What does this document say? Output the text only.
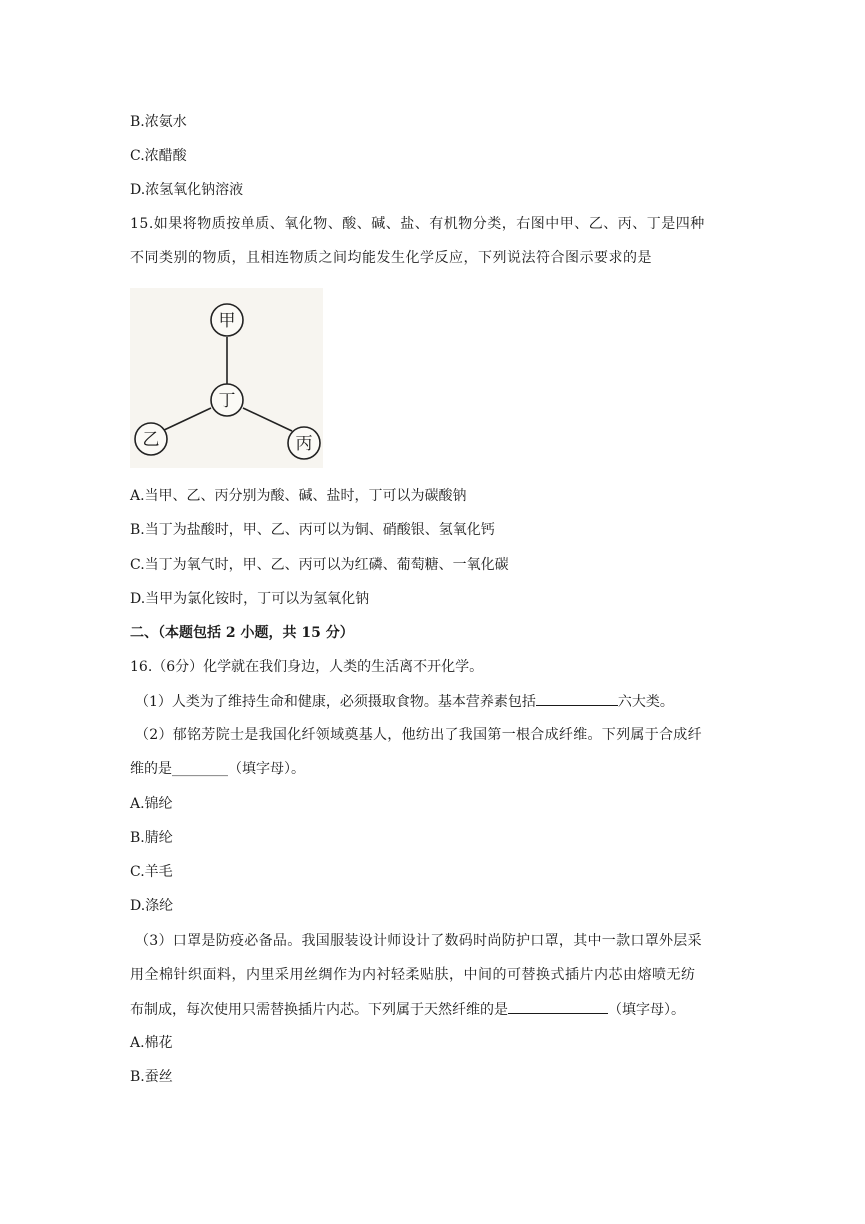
B.浓氨水
C.浓醋酸
D.浓氢氧化钠溶液
15.如果将物质按单质、氧化物、酸、碱、盐、有机物分类，右图中甲、乙、丙、丁是四种
不同类别的物质，且相连物质之间均能发生化学反应，下列说法符合图示要求的是
甲
丁
乙	丙
A.当甲、乙、丙分别为酸、碱、盐时，丁可以为碳酸钠
B.当丁为盐酸时，甲、乙、丙可以为铜、硝酸银、氢氧化钙
C.当丁为氧气时，甲、乙、丙可以为红磷、葡萄糖、一氧化碳
D.当甲为氯化铵时，丁可以为氢氧化钠
二、（本题包括 2 小题，共 15 分）
16.（6分）化学就在我们身边，人类的生活离不开化学。
（1）人类为了维持生命和健康，必须摄取食物。基本营养素包括	六大类。
（2）郁铭芳院士是我国化纤领域奠基人，他纺出了我国第一根合成纤维。下列属于合成纤
维的是________（填字母）。
A.锦纶
B.腈纶
C.羊毛
D.涤纶
（3）口罩是防疫必备品。我国服装设计师设计了数码时尚防护口罩，其中一款口罩外层采
用全棉针织面料，内里采用丝绸作为内衬轻柔贴肤，中间的可替换式插片内芯由熔喷无纺
布制成，每次使用只需替换插片内芯。下列属于天然纤维的是	（填字母）。
A.棉花
B.蚕丝
